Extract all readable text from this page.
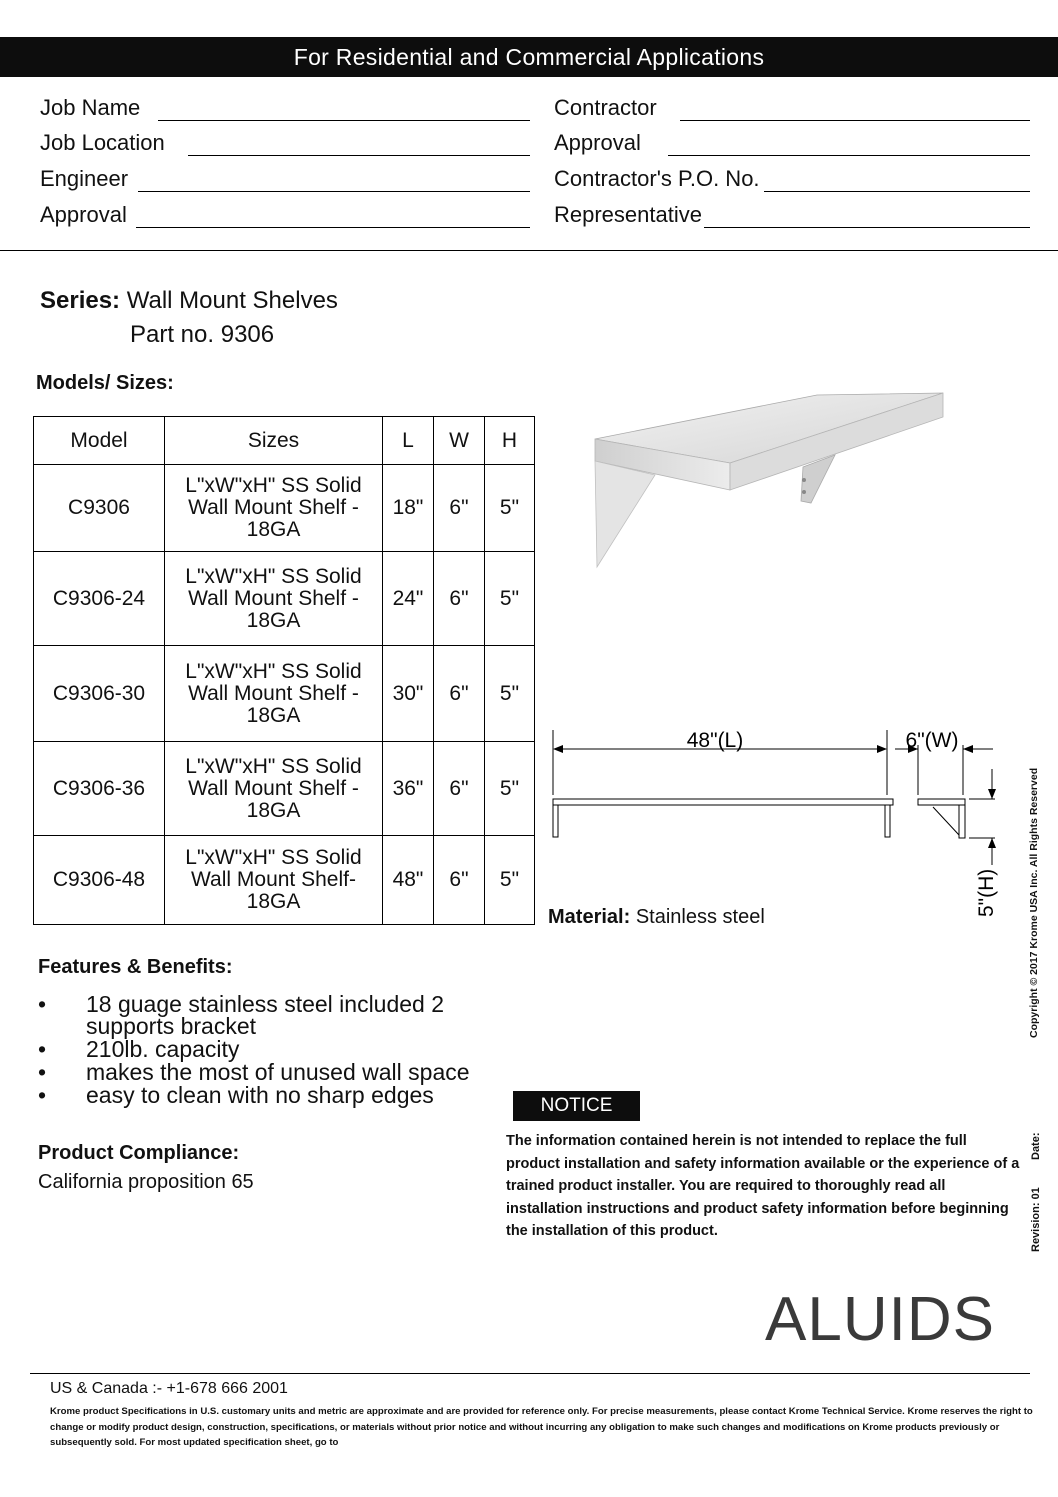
For Residential and Commercial Applications
Job Name
Job Location
Engineer
Approval
Contractor
Approval
Contractor's P.O. No.
Representative
Series: Wall Mount Shelves
Part no. 9306
Models/ Sizes:
Model	Sizes	L	W	H
C9306	L"xW"xH" SS Solid
Wall Mount Shelf -
18GA	18"	6"	5"
C9306-24	L"xW"xH" SS Solid
Wall Mount Shelf -
18GA	24"	6"	5"
C9306-30	L"xW"xH" SS Solid
Wall Mount Shelf -
18GA	30"	6"	5"
C9306-36	L"xW"xH" SS Solid
Wall Mount Shelf -
18GA	36"	6"	5"
C9306-48	L"xW"xH" SS Solid
Wall Mount Shelf-
18GA	48"	6"	5"
48"(L)	6"(W)
5"(H)
Material: Stainless steel	Copyright © 2017 Krome USA Inc. All Rights Reserved
Date:
Revision: 01
Features & Benefits:
• 18 guage stainless steel included 2
supports bracket
• 210lb. capacity
• makes the most of unused wall space
• easy to clean with no sharp edges	NOTICE
The information contained herein is not intended to replace the full product installation and safety information available or the experience of a trained product installer. You are required to thoroughly read all installation instructions and product safety information before beginning the installation of this product.
Product Compliance:
California proposition 65
ALUIDS
US & Canada :- +1-678 666 2001
Krome product Specifications in U.S. customary units and metric are approximate and are provided for reference only. For precise measurements, please contact Krome Technical Service. Krome reserves the right to change or modify product design, construction, specifications, or materials without prior notice and without incurring any obligation to make such changes and modifications on Krome products previously or subsequently sold. For most updated specification sheet, go to
